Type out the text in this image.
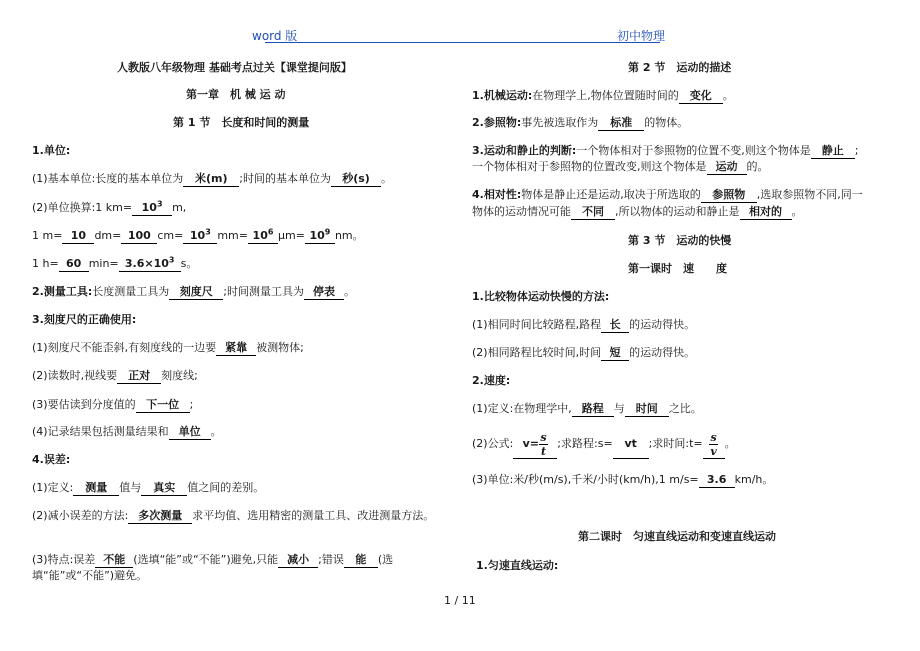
word 版	初中物理
人教版八年级物理 基础考点过关【课堂提问版】
第一章　机 械 运 动
第 1 节　长度和时间的测量
1.单位:
(1)基本单位:长度的基本单位为 米(m) ;时间的基本单位为 秒(s) 。
(2)单位换算:1 $km= 10^3$ m,
1 m= 10 dm= 100 $cm= 10^3$ $mm= 10^6$ $\mu m= 10^9$ nm。
1 h= 60 $\min= 3.6\times 10^3$ s。
2.测量工具:长度测量工具为 刻度尺 ;时间测量工具为 停表 。
3.刻度尺的正确使用:
(1)刻度尺不能歪斜,有刻度线的一边要 紧靠 被测物体;
(2)读数时,视线要 正对 刻度线;
(3)要估读到分度值的 下一位 ;
(4)记录结果包括测量结果和 单位 。
4.误差:
(1)定义: 测量 值与 真实 值之间的差别。
(2)减小误差的方法: 多次测量 求平均值、选用精密的测量工具、改进测量方法。
(3)特点:误差 不能 (选填“能”或“不能”)避免,只能 减小 ;错误 能 (选
填“能”或“不能”)避免。
第 2 节　运动的描述
1.机械运动:在物理学上,物体位置随时间的 变化 。
2.参照物:事先被选取作为 标准 的物体。
3.运动和静止的判断:一个物体相对于参照物的位置不变,则这个物体是 静止 ;
一个物体相对于参照物的位置改变,则这个物体是 运动 的。
4.相对性:物体是静止还是运动,取决于所选取的 参照物 ,选取参照物不同,同一
物体的运动情况可能 不同 ,所以物体的运动和静止是 相对的 。
第 3 节　运动的快慢
第一课时　速　　度
1.比较物体运动快慢的方法:
(1)相同时间比较路程,路程 长 的运动得快。
(2)相同路程比较时间,时间 短 的运动得快。
2.速度:
(1)定义:在物理学中, 路程 与 时间 之比。
(2)公式: $v= \frac{s}{t}$ ;求路程:s= vt ;求时间:t= $\frac{s}{v}$ 。
(3)单位:米/秒(m/s),千米/小时(km/h),1 m/s= 3.6 km/h。
第二课时　匀速直线运动和变速直线运动
1.匀速直线运动:
1 / 11
